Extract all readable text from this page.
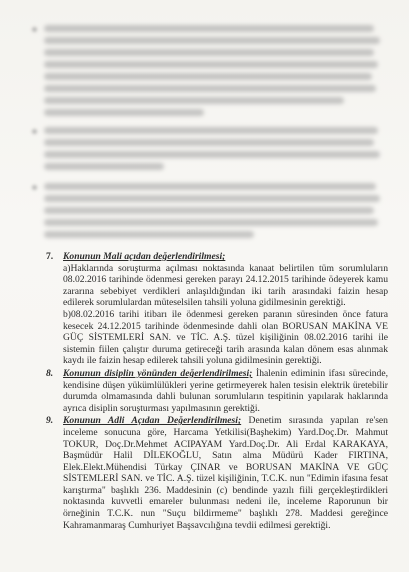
7. Konunun Mali açıdan değerlendirilmesi;

a)Haklarında soruşturma açılması noktasında kanaat belirtilen tüm sorumluların 08.02.2016 tarihinde ödenmesi gereken parayı 24.12.2015 tarihinde ödeyerek kamu zararına sebebiyet verdikleri anlaşıldığından iki tarih arasındaki faizin hesap edilerek sorumlulardan müteselsilen tahsili yoluna gidilmesinin gerektiği.

b)08.02.2016 tarihi itibarı ile ödenmesi gereken paranın süresinden önce fatura kesecek 24.12.2015 tarihinde ödenmesinde dahli olan BORUSAN MAKİNA VE GÜÇ SİSTEMLERİ SAN. ve TİC. A.Ş. tüzel kişiliğinin 08.02.2016 tarihi ile sistemin fiilen çalıştır duruma getireceği tarih arasında kalan dönem esas alınmak kaydı ile faizin hesap edilerek tahsili yoluna gidilmesinin gerektiği.

8. Konunun disiplin yönünden değerlendirilmesi; İhalenin ediminin ifası sürecinde, kendisine düşen yükümlülükleri yerine getirmeyerek halen tesisin elektrik üretebilir durumda olmamasında dahli bulunan sorumluların tespitinin yapılarak haklarında ayrıca disiplin soruşturması yapılmasının gerektiği.

9. Konunun Adli Açıdan Değerlendirilmesi; Denetim sırasında yapılan re'sen inceleme sonucuna göre, Harcama Yetkilisi(Başhekim) Yard.Doç.Dr. Mahmut TOKUR, Doç.Dr.Mehmet ACIPAYAM Yard.Doç.Dr. Ali Erdal KARAKAYA, Başmüdür Halil DİLEKOĞLU, Satın alma Müdürü Kader FIRTINA, Elek.Elekt.Mühendisi Türkay ÇINAR ve BORUSAN MAKİNA VE GÜÇ SİSTEMLERİ SAN. ve TİC. A.Ş. tüzel kişiliğinin, T.C.K. nun "Edimin ifasına fesat karıştırma" başlıklı 236. Maddesinin (c) bendinde yazılı fiili gerçekleştirdikleri noktasında kuvvetli emareler bulunması nedeni ile, inceleme Raporunun bir örneğinin T.C.K. nun "Suçu bildirmeme" başlıklı 278. Maddesi gereğince Kahramanmaraş Cumhuriyet Başsavcılığına tevdii edilmesi gerektiği.
